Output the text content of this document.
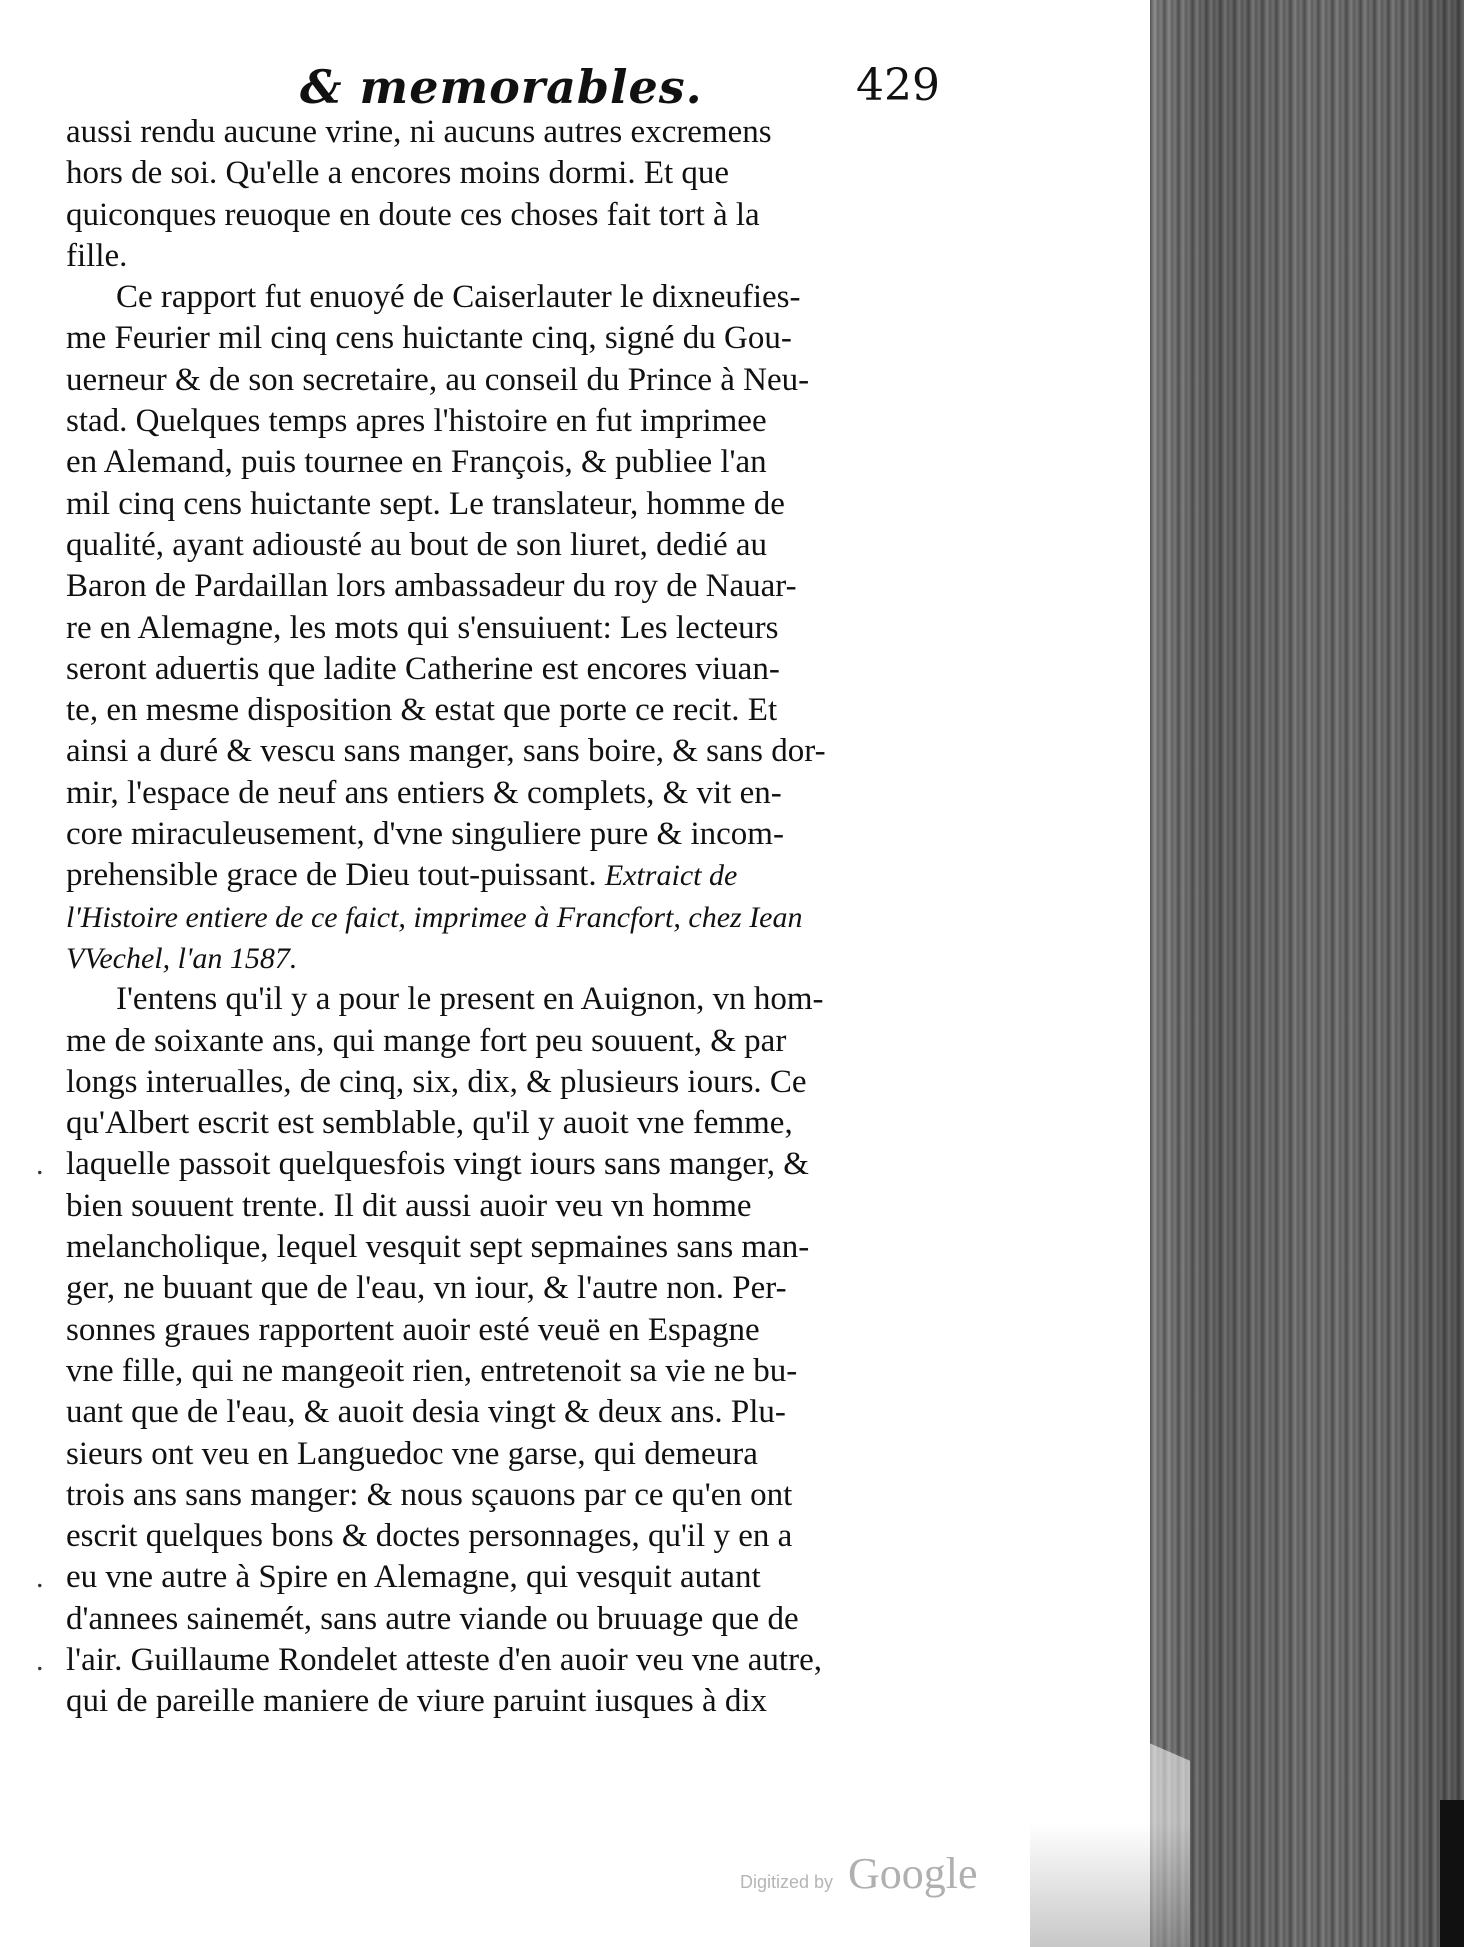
& memorables.	429
aussi rendu aucune vrine, ni aucuns autres excremens
hors de soi. Qu'elle a encores moins dormi. Et que
quiconques reuoque en doute ces choses fait tort à la
fille.
Ce rapport fut enuoyé de Caiserlauter le dixneufies-
me Feurier mil cinq cens huictante cinq, signé du Gou-
uerneur & de son secretaire, au conseil du Prince à Neu-
stad. Quelques temps apres l'histoire en fut imprimee
en Alemand, puis tournee en François, & publiee l'an
mil cinq cens huictante sept. Le translateur, homme de
qualité, ayant adiousté au bout de son liuret, dedié au
Baron de Pardaillan lors ambassadeur du roy de Nauar-
re en Alemagne, les mots qui s'ensuiuent: Les lecteurs
seront aduertis que ladite Catherine est encores viuan-
te, en mesme disposition & estat que porte ce recit. Et
ainsi a duré & vescu sans manger, sans boire, & sans dor-
mir, l'espace de neuf ans entiers & complets, & vit en-
core miraculeusement, d'vne singuliere pure & incom-
prehensible grace de Dieu tout-puissant. Extraict de
l'Histoire entiere de ce faict, imprimee à Francfort, chez Iean
VVechel, l'an 1587.
I'entens qu'il y a pour le present en Auignon, vn hom-
me de soixante ans, qui mange fort peu souuent, & par
longs interualles, de cinq, six, dix, & plusieurs iours. Ce
qu'Albert escrit est semblable, qu'il y auoit vne femme,
. laquelle passoit quelquesfois vingt iours sans manger, &
bien souuent trente. Il dit aussi auoir veu vn homme
melancholique, lequel vesquit sept sepmaines sans man-
ger, ne buuant que de l'eau, vn iour, & l'autre non. Per-
sonnes graues rapportent auoir esté veuë en Espagne
vne fille, qui ne mangeoit rien, entretenoit sa vie ne bu-
uant que de l'eau, & auoit desia vingt & deux ans. Plu-
sieurs ont veu en Languedoc vne garse, qui demeura
trois ans sans manger: & nous sçauons par ce qu'en ont
escrit quelques bons & doctes personnages, qu'il y en a
. eu vne autre à Spire en Alemagne, qui vesquit autant
d'annees sainemét, sans autre viande ou bruuage que de
. l'air. Guillaume Rondelet atteste d'en auoir veu vne autre,
qui de pareille maniere de viure paruint iusques à dix
Digitized by Google
